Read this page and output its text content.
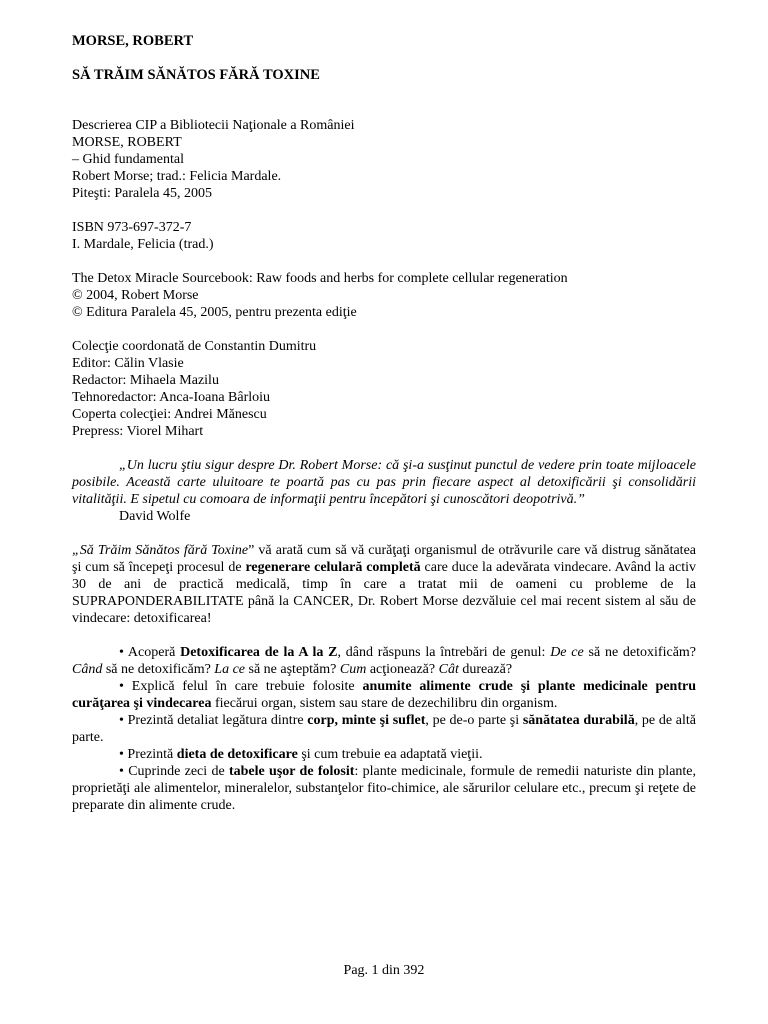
MORSE, ROBERT

SĂ TRĂIM SĂNĂTOS FĂRĂ TOXINE

Descrierea CIP a Bibliotecii Naţionale a României

MORSE, ROBERT

– Ghid fundamental

Robert Morse; trad.: Felicia Mardale.

Piteşti: Paralela 45, 2005

ISBN 973-697-372-7

I. Mardale, Felicia (trad.)

The Detox Miracle Sourcebook: Raw foods and herbs for complete cellular regeneration

© 2004, Robert Morse

© Editura Paralela 45, 2005, pentru prezenta ediţie

Colecţie coordonată de Constantin Dumitru

Editor: Călin Vlasie

Redactor: Mihaela Mazilu

Tehnoredactor: Anca-Ioana Bârloiu

Coperta colecţiei: Andrei Mănescu

Prepress: Viorel Mihart

„Un lucru ştiu sigur despre Dr. Robert Morse: că şi-a susţinut punctul de vedere prin toate mijloacele posibile. Această carte uluitoare te poartă pas cu pas prin fiecare aspect al detoxificării şi consolidării vitalităţii. E sipetul cu comoara de informaţii pentru începători şi cunoscători deopotrivă.”

David Wolfe

„Să Trăim Sănătos fără Toxine” vă arată cum să vă curăţaţi organismul de otrăvurile care vă distrug sănătatea şi cum să începeţi procesul de regenerare celulară completă care duce la adevărata vindecare. Având la activ 30 de ani de practică medicală, timp în care a tratat mii de oameni cu probleme de la SUPRAPONDERABILITATE până la CANCER, Dr. Robert Morse dezvăluie cel mai recent sistem al său de vindecare: detoxificarea!

• Acoperă Detoxificarea de la A la Z, dând răspuns la întrebări de genul: De ce să ne detoxificăm? Când să ne detoxificăm? La ce să ne aşteptăm? Cum acţionează? Cât durează?

• Explică felul în care trebuie folosite anumite alimente crude şi plante medicinale pentru curăţarea şi vindecarea fiecărui organ, sistem sau stare de dezechilibru din organism.

• Prezintă detaliat legătura dintre corp, minte şi suflet, pe de-o parte şi sănătatea durabilă, pe de altă parte.

• Prezintă dieta de detoxificare şi cum trebuie ea adaptată vieţii.

• Cuprinde zeci de tabele uşor de folosit: plante medicinale, formule de remedii naturiste din plante, proprietăţi ale alimentelor, mineralelor, substanţelor fito-chimice, ale sărurilor celulare etc., precum şi reţete de preparate din alimente crude.

Pag. 1 din 392
